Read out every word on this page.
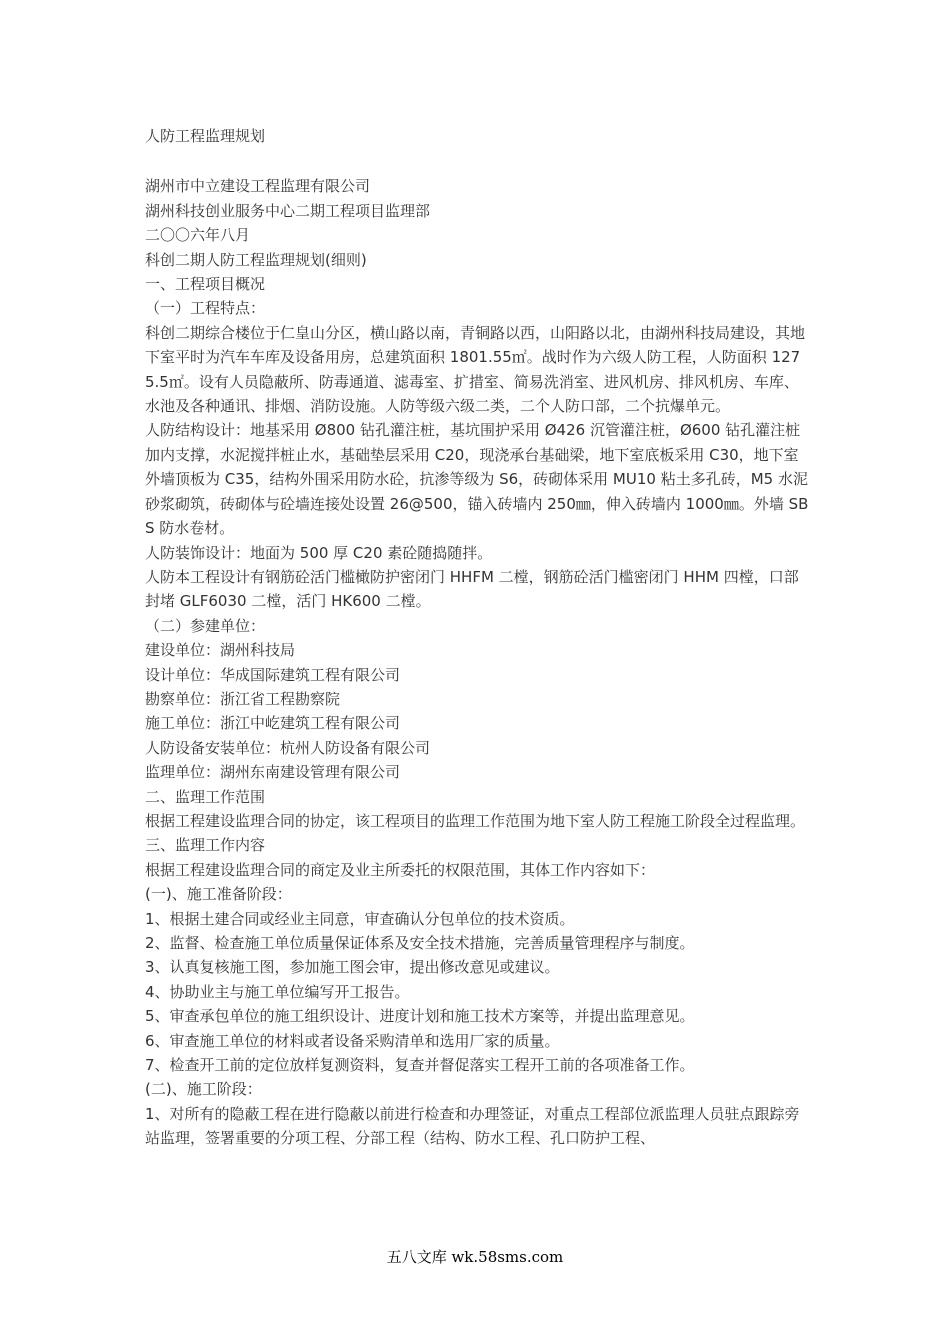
人防工程监理规划

湖州市中立建设工程监理有限公司

湖州科技创业服务中心二期工程项目监理部

二〇〇六年八月

科创二期人防工程监理规划(细则)

一、工程项目概况

（一）工程特点：

科创二期综合楼位于仁皇山分区，横山路以南，青铜路以西，山阳路以北，由湖州科技局建设，其地下室平时为汽车车库及设备用房，总建筑面积 1801.55㎡。战时作为六级人防工程，人防面积 1275.5㎡。设有人员隐蔽所、防毒通道、滤毒室、扩措室、简易洗消室、进风机房、排风机房、车库、水池及各种通讯、排烟、消防设施。人防等级六级二类，二个人防口部，二个抗爆单元。

人防结构设计：地基采用 Ø800 钻孔灌注桩，基坑围护采用 Ø426 沉管灌注桩，Ø600 钻孔灌注桩加内支撑，水泥搅拌桩止水，基础垫层采用 C20，现浇承台基础梁，地下室底板采用 C30，地下室外墙顶板为 C35，结构外围采用防水砼，抗渗等级为 S6，砖砌体采用 MU10 粘土多孔砖，M5 水泥砂浆砌筑，砖砌体与砼墙连接处设置 26@500，锚入砖墙内 250㎜，伸入砖墙内 1000㎜。外墙 SBS 防水卷材。

人防装饰设计：地面为 500 厚 C20 素砼随捣随拌。

人防本工程设计有钢筋砼活门槛橄防护密闭门 HHFM 二樘，钢筋砼活门槛密闭门 HHM 四樘，口部封堵 GLF6030 二樘，活门 HK600 二樘。

（二）参建单位：

建设单位：湖州科技局

设计单位：华成国际建筑工程有限公司

勘察单位：浙江省工程勘察院

施工单位：浙江中屹建筑工程有限公司

人防设备安装单位：杭州人防设备有限公司

监理单位：湖州东南建设管理有限公司

二、监理工作范围

根据工程建设监理合同的协定，该工程项目的监理工作范围为地下室人防工程施工阶段全过程监理。

三、监理工作内容

根据工程建设监理合同的商定及业主所委托的权限范围，其体工作内容如下：

(一)、施工准备阶段：

1、根据土建合同或经业主同意，审查确认分包单位的技术资质。

2、监督、检查施工单位质量保证体系及安全技术措施，完善质量管理程序与制度。

3、认真复核施工图，参加施工图会审，提出修改意见或建议。

4、协助业主与施工单位编写开工报告。

5、审查承包单位的施工组织设计、进度计划和施工技术方案等，并提出监理意见。

6、审查施工单位的材料或者设备采购清单和选用厂家的质量。

7、检查开工前的定位放样复测资料，复查并督促落实工程开工前的各项准备工作。

(二)、施工阶段：

1、对所有的隐蔽工程在进行隐蔽以前进行检查和办理签证，对重点工程部位派监理人员驻点跟踪旁站监理，签署重要的分项工程、分部工程（结构、防水工程、孔口防护工程、

五八文库 wk.58sms.com
